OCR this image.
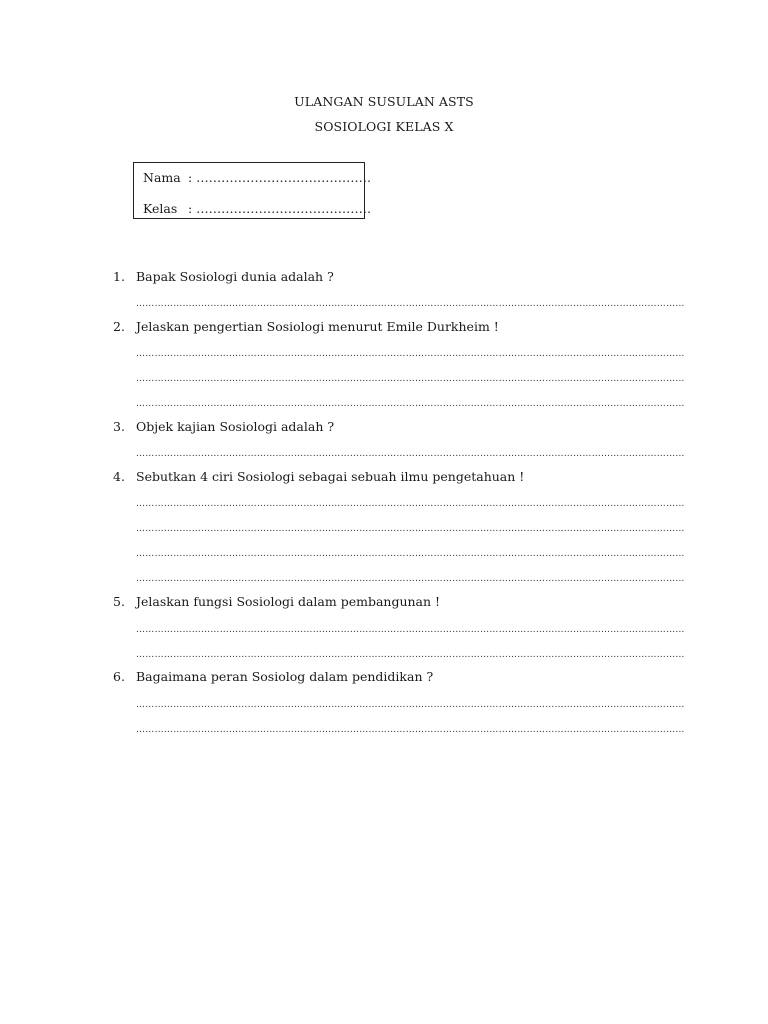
ULANGAN SUSULAN ASTS
SOSIOLOGI KELAS X
Nama : ……………………………………
Kelas : ……………………………………
1. Bapak Sosiologi dunia adalah ?
……………………………………………………………………………………………………………………………………………………………
2. Jelaskan pengertian Sosiologi menurut Emile Durkheim !
……………………………………………………………………………………………………………………………………………………………
……………………………………………………………………………………………………………………………………………………………
……………………………………………………………………………………………………………………………………………………………
3. Objek kajian Sosiologi adalah ?
……………………………………………………………………………………………………………………………………………………………
4. Sebutkan 4 ciri Sosiologi sebagai sebuah ilmu pengetahuan !
……………………………………………………………………………………………………………………………………………………………
……………………………………………………………………………………………………………………………………………………………
……………………………………………………………………………………………………………………………………………………………
……………………………………………………………………………………………………………………………………………………………
5. Jelaskan fungsi Sosiologi dalam pembangunan !
……………………………………………………………………………………………………………………………………………………………
……………………………………………………………………………………………………………………………………………………………
6. Bagaimana peran Sosiolog dalam pendidikan ?
……………………………………………………………………………………………………………………………………………………………
……………………………………………………………………………………………………………………………………………………………
